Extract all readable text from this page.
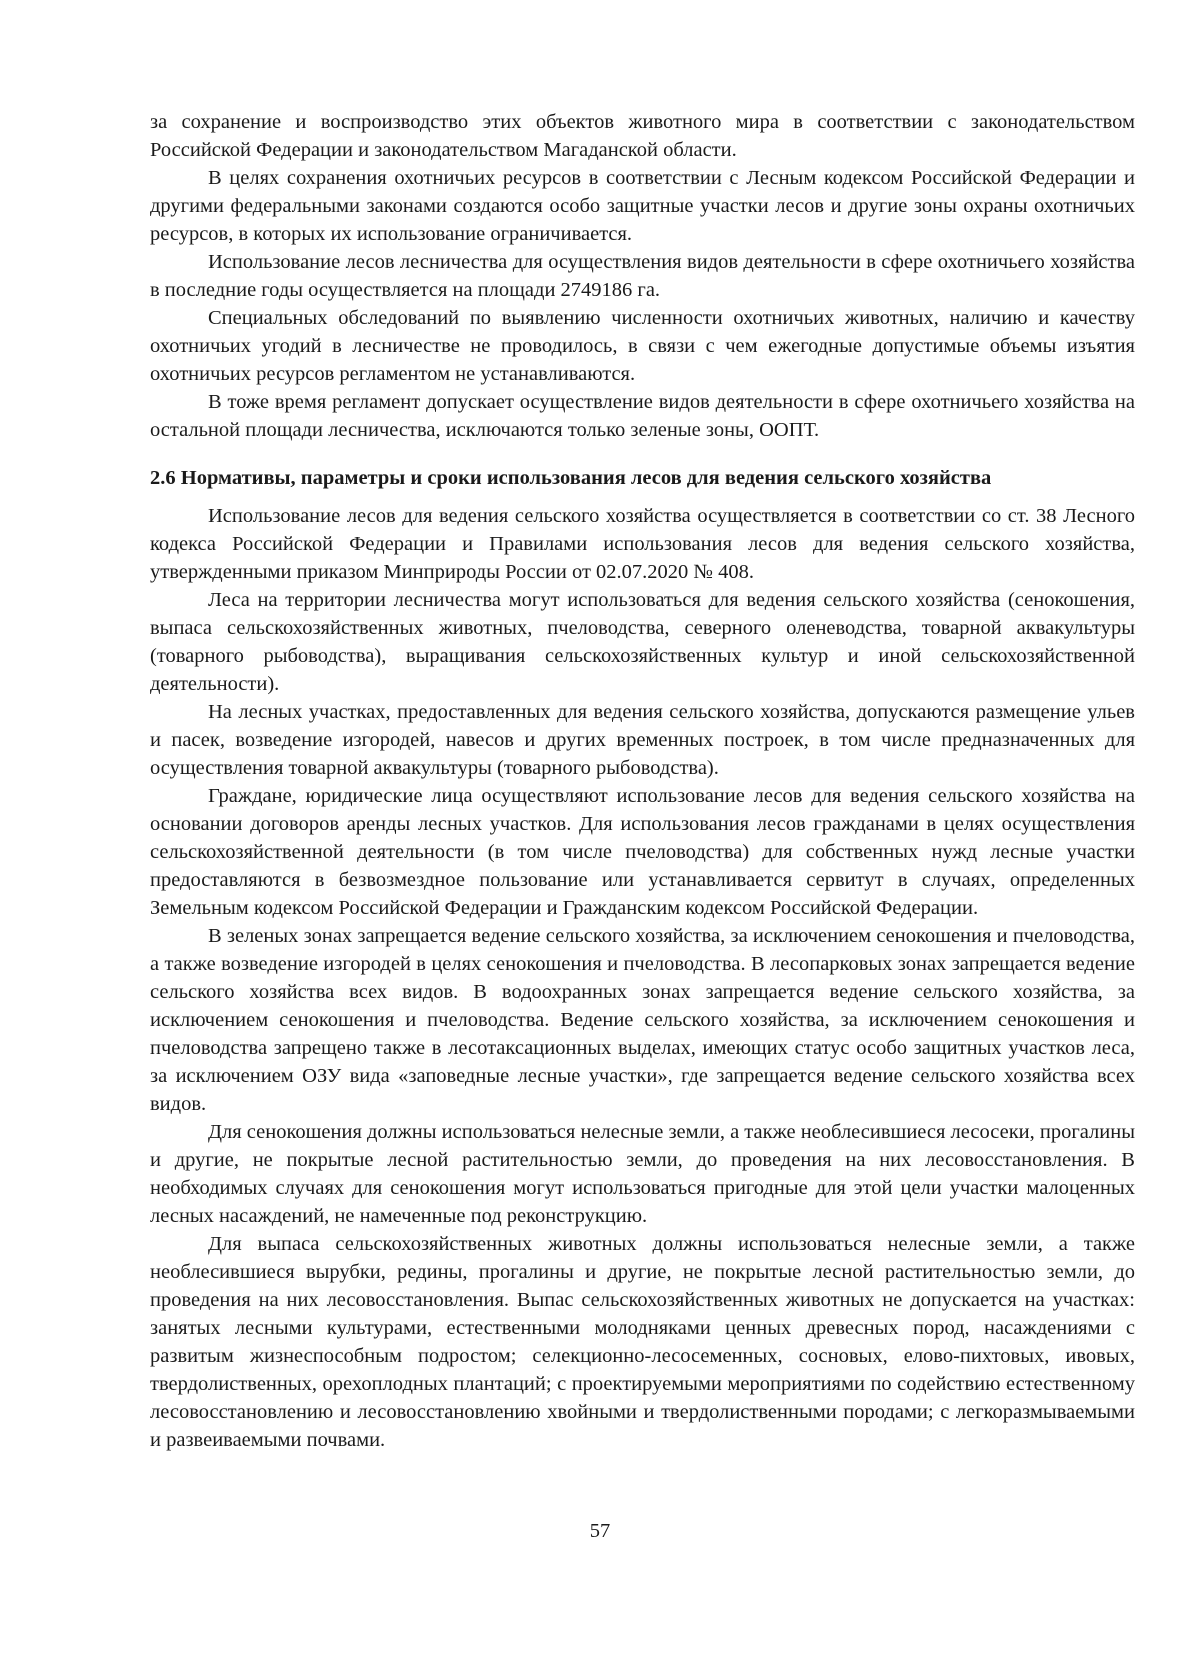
за сохранение и воспроизводство этих объектов животного мира в соответствии с законодательством Российской Федерации и законодательством Магаданской области.

В целях сохранения охотничьих ресурсов в соответствии с Лесным кодексом Российской Федерации и другими федеральными законами создаются особо защитные участки лесов и другие зоны охраны охотничьих ресурсов, в которых их использование ограничивается.

Использование лесов лесничества для осуществления видов деятельности в сфере охотничьего хозяйства в последние годы осуществляется на площади 2749186 га.

Специальных обследований по выявлению численности охотничьих животных, наличию и качеству охотничьих угодий в лесничестве не проводилось, в связи с чем ежегодные допустимые объемы изъятия охотничьих ресурсов регламентом не устанавливаются.

В тоже время регламент допускает осуществление видов деятельности в сфере охотничьего хозяйства на остальной площади лесничества, исключаются только зеленые зоны, ООПТ.

2.6 Нормативы, параметры и сроки использования лесов для ведения сельского хозяйства

Использование лесов для ведения сельского хозяйства осуществляется в соответствии со ст. 38 Лесного кодекса Российской Федерации и Правилами использования лесов для ведения сельского хозяйства, утвержденными приказом Минприроды России от 02.07.2020 № 408.

Леса на территории лесничества могут использоваться для ведения сельского хозяйства (сенокошения, выпаса сельскохозяйственных животных, пчеловодства, северного оленеводства, товарной аквакультуры (товарного рыбоводства), выращивания сельскохозяйственных культур и иной сельскохозяйственной деятельности).

На лесных участках, предоставленных для ведения сельского хозяйства, допускаются размещение ульев и пасек, возведение изгородей, навесов и других временных построек, в том числе предназначенных для осуществления товарной аквакультуры (товарного рыбоводства).

Граждане, юридические лица осуществляют использование лесов для ведения сельского хозяйства на основании договоров аренды лесных участков. Для использования лесов гражданами в целях осуществления сельскохозяйственной деятельности (в том числе пчеловодства) для собственных нужд лесные участки предоставляются в безвозмездное пользование или устанавливается сервитут в случаях, определенных Земельным кодексом Российской Федерации и Гражданским кодексом Российской Федерации.

В зеленых зонах запрещается ведение сельского хозяйства, за исключением сенокошения и пчеловодства, а также возведение изгородей в целях сенокошения и пчеловодства. В лесопарковых зонах запрещается ведение сельского хозяйства всех видов. В водоохранных зонах запрещается ведение сельского хозяйства, за исключением сенокошения и пчеловодства. Ведение сельского хозяйства, за исключением сенокошения и пчеловодства запрещено также в лесотаксационных выделах, имеющих статус особо защитных участков леса, за исключением ОЗУ вида «заповедные лесные участки», где запрещается ведение сельского хозяйства всех видов.

Для сенокошения должны использоваться нелесные земли, а также необлесившиеся лесосеки, прогалины и другие, не покрытые лесной растительностью земли, до проведения на них лесовосстановления. В необходимых случаях для сенокошения могут использоваться пригодные для этой цели участки малоценных лесных насаждений, не намеченные под реконструкцию.

Для выпаса сельскохозяйственных животных должны использоваться нелесные земли, а также необлесившиеся вырубки, редины, прогалины и другие, не покрытые лесной растительностью земли, до проведения на них лесовосстановления. Выпас сельскохозяйственных животных не допускается на участках: занятых лесными культурами, естественными молодняками ценных древесных пород, насаждениями с развитым жизнеспособным подростом; селекционно-лесосеменных, сосновых, елово-пихтовых, ивовых, твердолиственных, орехоплодных плантаций; с проектируемыми мероприятиями по содействию естественному лесовосстановлению и лесовосстановлению хвойными и твердолиственными породами; с легкоразмываемыми и развеиваемыми почвами.

57
